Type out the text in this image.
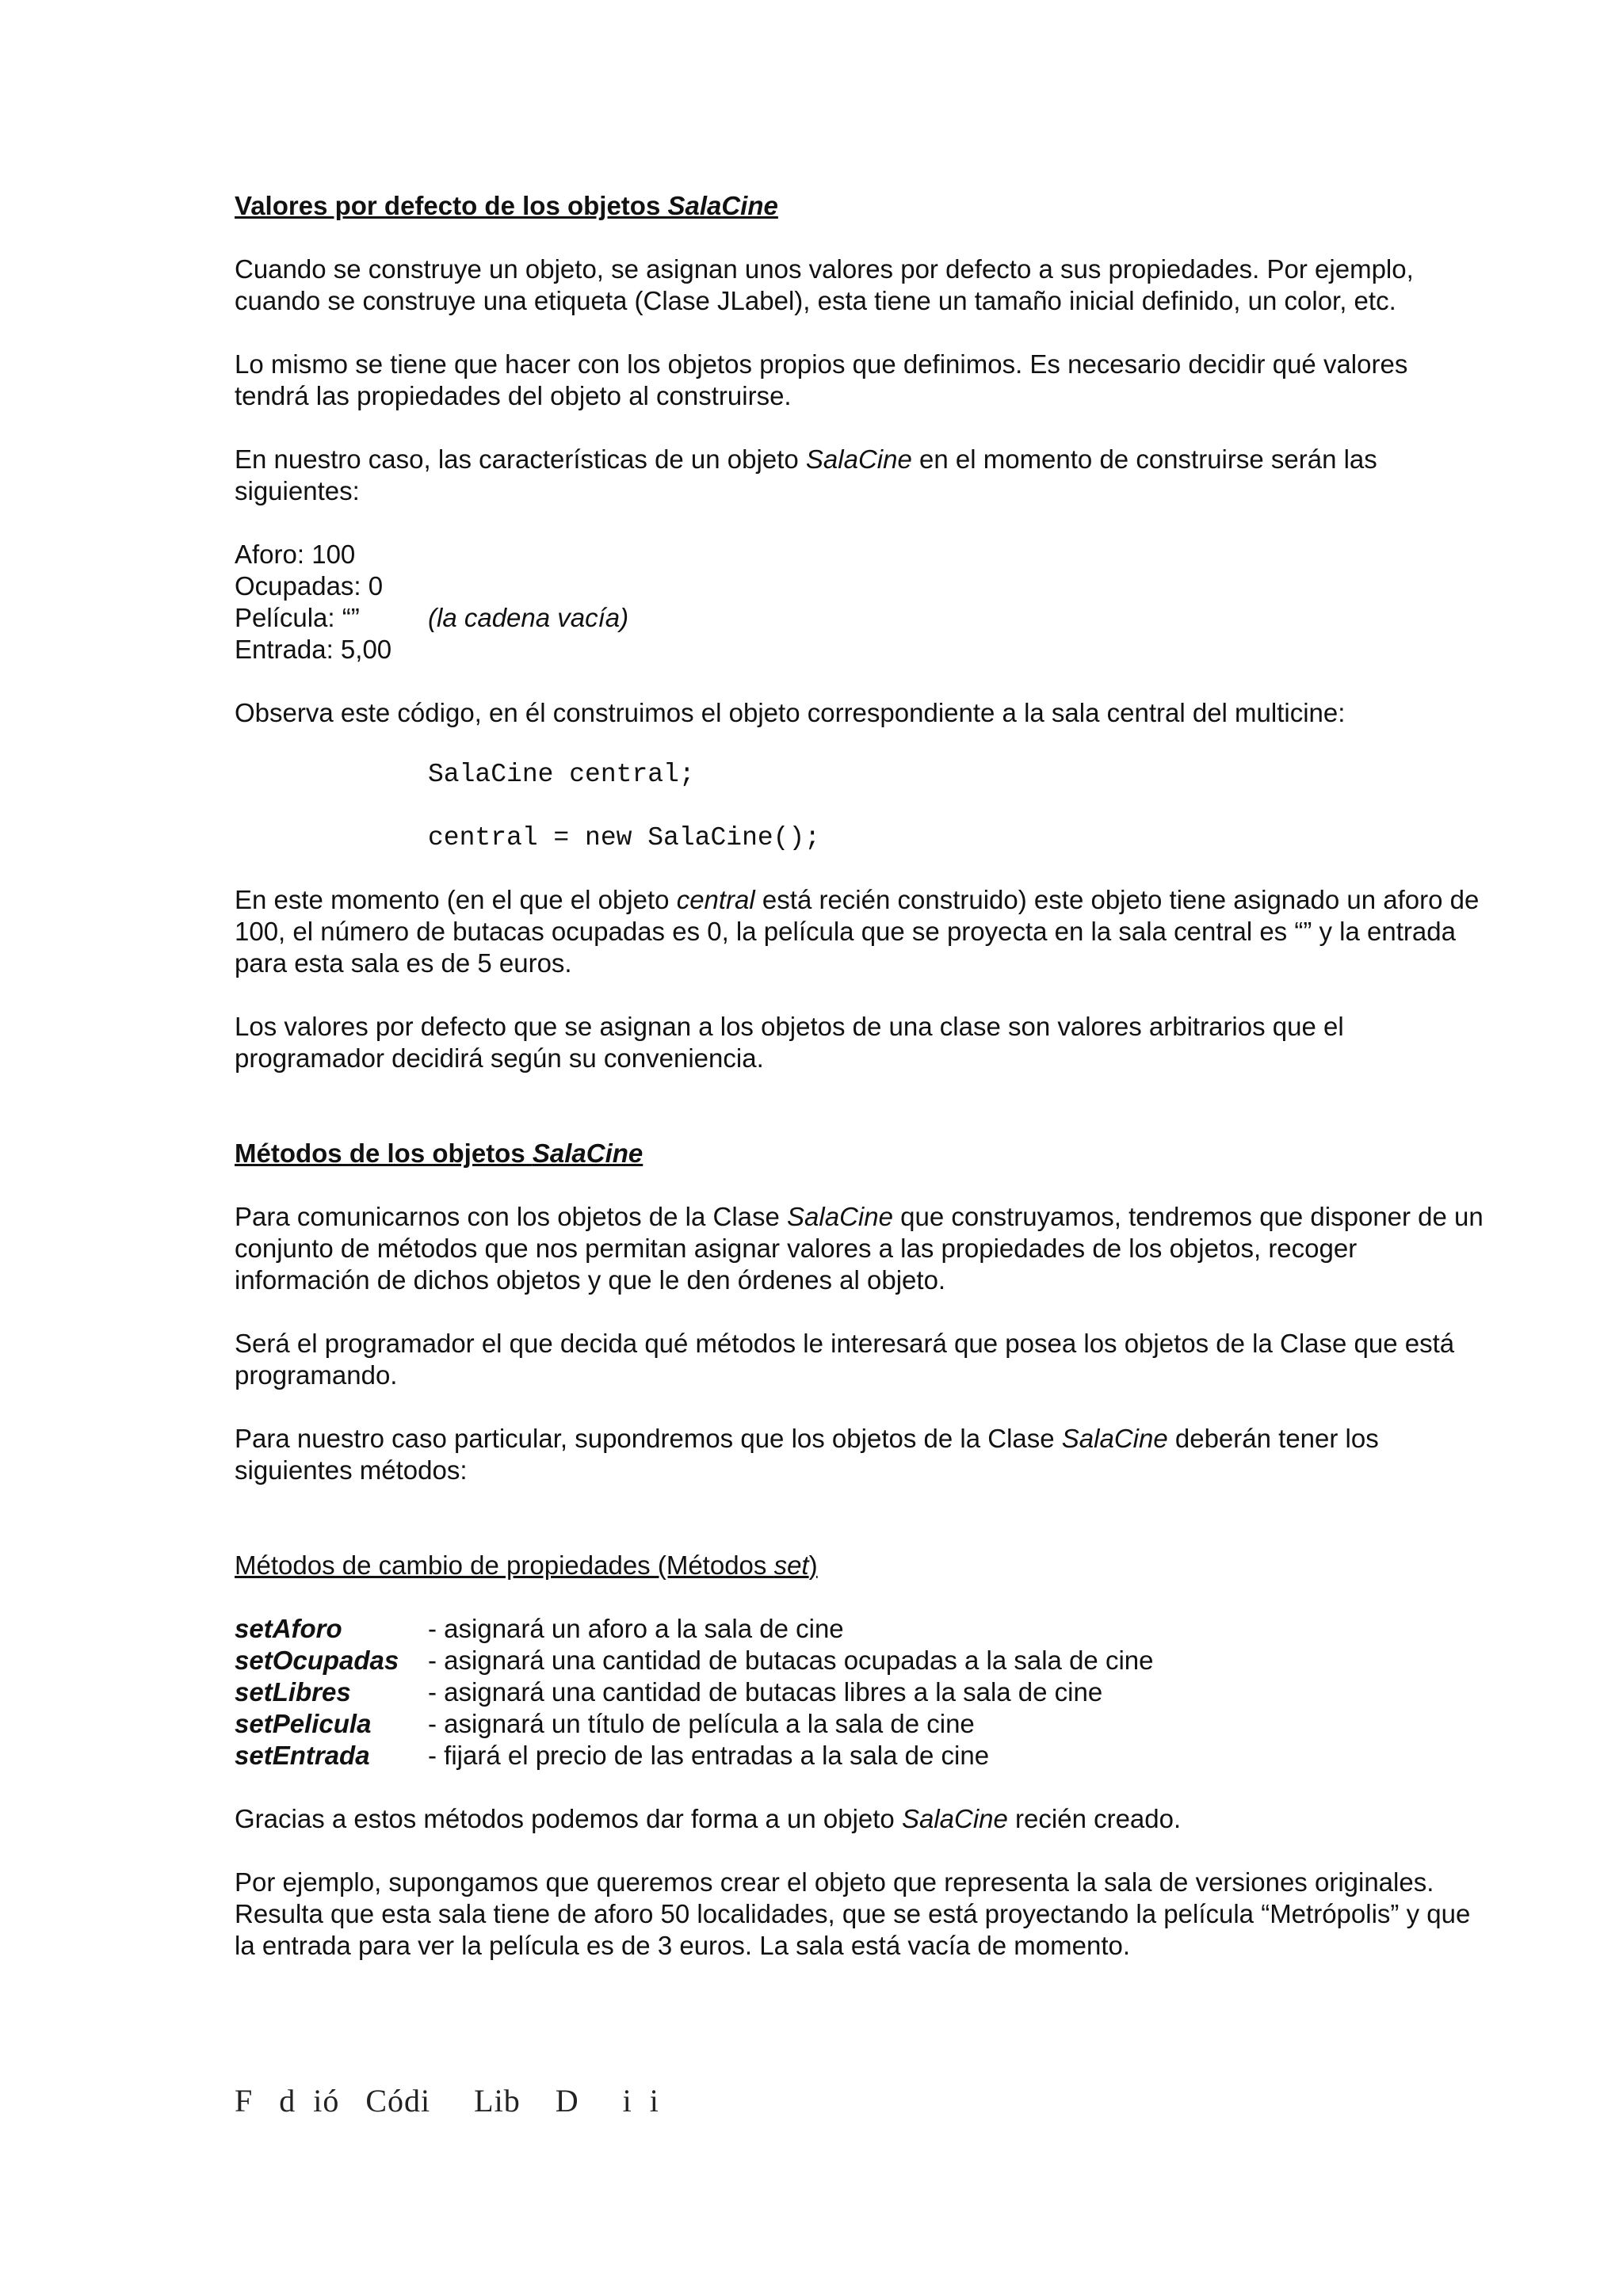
Valores por defecto de los objetos SalaCine

Cuando se construye un objeto, se asignan unos valores por defecto a sus propiedades. Por ejemplo, cuando se construye una etiqueta (Clase JLabel), esta tiene un tamaño inicial definido, un color, etc.

Lo mismo se tiene que hacer con los objetos propios que definimos. Es necesario decidir qué valores tendrá las propiedades del objeto al construirse.

En nuestro caso, las características de un objeto SalaCine en el momento de construirse serán las siguientes:

Aforo: 100
Ocupadas: 0
Película: “”	(la cadena vacía)
Entrada: 5,00

Observa este código, en él construimos el objeto correspondiente a la sala central del multicine:

SalaCine central;
central = new SalaCine();

En este momento (en el que el objeto central está recién construido) este objeto tiene asignado un aforo de 100, el número de butacas ocupadas es 0, la película que se proyecta en la sala central es “” y la entrada para esta sala es de 5 euros.

Los valores por defecto que se asignan a los objetos de una clase son valores arbitrarios que el programador decidirá según su conveniencia.

Métodos de los objetos SalaCine

Para comunicarnos con los objetos de la Clase SalaCine que construyamos, tendremos que disponer de un conjunto de métodos que nos permitan asignar valores a las propiedades de los objetos, recoger información de dichos objetos y que le den órdenes al objeto.

Será el programador el que decida qué métodos le interesará que posea los objetos de la Clase que está programando.

Para nuestro caso particular, supondremos que los objetos de la Clase SalaCine deberán tener los siguientes métodos:

Métodos de cambio de propiedades (Métodos set)

setAforo	- asignará un aforo a la sala de cine
setOcupadas	- asignará una cantidad de butacas ocupadas a la sala de cine
setLibres	- asignará una cantidad de butacas libres a la sala de cine
setPelicula	- asignará un título de película a la sala de cine
setEntrada	- fijará el precio de las entradas a la sala de cine

Gracias a estos métodos podemos dar forma a un objeto SalaCine recién creado.

Por ejemplo, supongamos que queremos crear el objeto que representa la sala de versiones originales. Resulta que esta sala tiene de aforo 50 localidades, que se está proyectando la película “Metrópolis” y que la entrada para ver la película es de 3 euros. La sala está vacía de momento.

F   d  ió   Códi     Lib    D     i  i
